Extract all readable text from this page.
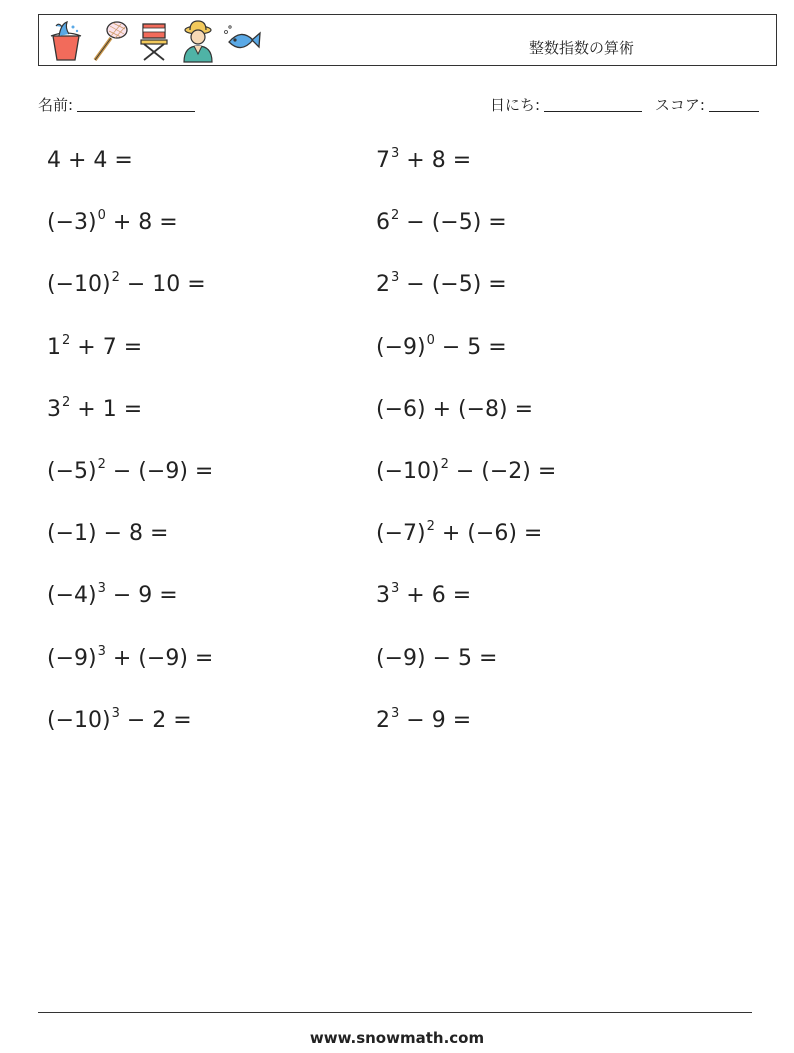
整数指数の算術
名前:	日にち:	スコア:
4 + 4 =
$(-3)^0 + 8$ =
$(-10)^2 - 10$ =
$1^2 + 7$ =
$3^2 + 1$ =
$(-5)^2 - (-9)$ =
(−1) − 8 =
$(-4)^3 - 9$ =
$(-9)^3 + (-9)$ =
$(-10)^3 - 2$ =
$7^3 + 8$ =
$6^2 - (-5)$ =
$2^3 - (-5)$ =
$(-9)^0 - 5$ =
(−6) + (−8) =
$(-10)^2 - (-2)$ =
$(-7)^2 + (-6)$ =
$3^3 + 6$ =
(−9) − 5 =
$2^3 - 9$ =
www.snowmath.com
